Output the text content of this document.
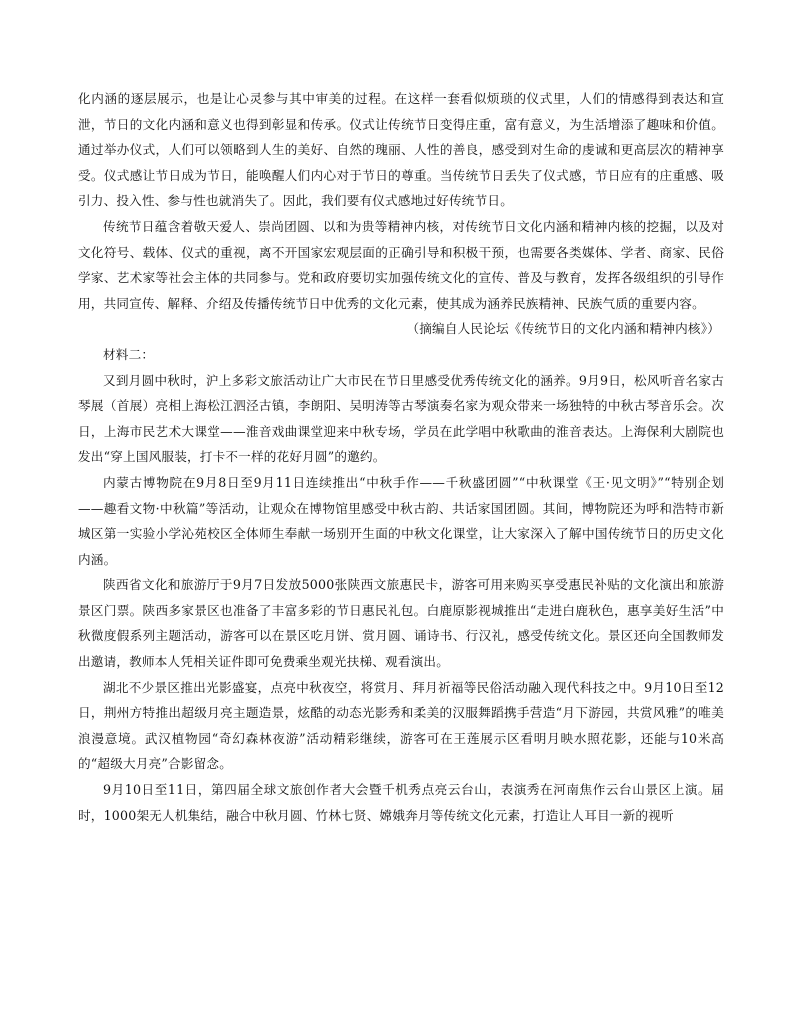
化内涵的逐层展示，也是让心灵参与其中审美的过程。在这样一套看似烦琐的仪式里，人们的情感得到表达和宣泄，节日的文化内涵和意义也得到彰显和传承。仪式让传统节日变得庄重，富有意义，为生活增添了趣味和价值。通过举办仪式，人们可以领略到人生的美好、自然的瑰丽、人性的善良，感受到对生命的虔诚和更高层次的精神享受。仪式感让节日成为节日，能唤醒人们内心对于节日的尊重。当传统节日丢失了仪式感，节日应有的庄重感、吸引力、投入性、参与性也就消失了。因此，我们要有仪式感地过好传统节日。

传统节日蕴含着敬天爱人、崇尚团圆、以和为贵等精神内核，对传统节日文化内涵和精神内核的挖掘，以及对文化符号、载体、仪式的重视，离不开国家宏观层面的正确引导和积极干预，也需要各类媒体、学者、商家、民俗学家、艺术家等社会主体的共同参与。党和政府要切实加强传统文化的宣传、普及与教育，发挥各级组织的引导作用，共同宣传、解释、介绍及传播传统节日中优秀的文化元素，使其成为涵养民族精神、民族气质的重要内容。

（摘编自人民论坛《传统节日的文化内涵和精神内核》）

材料二：

又到月圆中秋时，沪上多彩文旅活动让广大市民在节日里感受优秀传统文化的涵养。9月9日，松风听音名家古琴展（首展）亮相上海松江泗泾古镇，李朗阳、吴明涛等古琴演奏名家为观众带来一场独特的中秋古琴音乐会。次日，上海市民艺术大课堂——淮音戏曲课堂迎来中秋专场，学员在此学唱中秋歌曲的淮音表达。上海保利大剧院也发出“穿上国风服装，打卡不一样的花好月圆”的邀约。

内蒙古博物院在9月8日至9月11日连续推出“中秋手作——千秋盛团圆”“中秋课堂《王·见文明》”“特别企划——趣看文物·中秋篇”等活动，让观众在博物馆里感受中秋古韵、共话家国团圆。其间，博物院还为呼和浩特市新城区第一实验小学沁苑校区全体师生奉献一场别开生面的中秋文化课堂，让大家深入了解中国传统节日的历史文化内涵。

陕西省文化和旅游厅于9月7日发放5000张陕西文旅惠民卡，游客可用来购买享受惠民补贴的文化演出和旅游景区门票。陕西多家景区也准备了丰富多彩的节日惠民礼包。白鹿原影视城推出“走进白鹿秋色，惠享美好生活”中秋微度假系列主题活动，游客可以在景区吃月饼、赏月圆、诵诗书、行汉礼，感受传统文化。景区还向全国教师发出邀请，教师本人凭相关证件即可免费乘坐观光扶梯、观看演出。

湖北不少景区推出光影盛宴，点亮中秋夜空，将赏月、拜月祈福等民俗活动融入现代科技之中。9月10日至12日，荆州方特推出超级月亮主题造景，炫酷的动态光影秀和柔美的汉服舞蹈携手营造“月下游园，共赏风雅”的唯美浪漫意境。武汉植物园“奇幻森林夜游”活动精彩继续，游客可在王莲展示区看明月映水照花影，还能与10米高的“超级大月亮”合影留念。

9月10日至11日，第四届全球文旅创作者大会暨千机秀点亮云台山，表演秀在河南焦作云台山景区上演。届时，1000架无人机集结，融合中秋月圆、竹林七贤、嫦娥奔月等传统文化元素，打造让人耳目一新的视听
